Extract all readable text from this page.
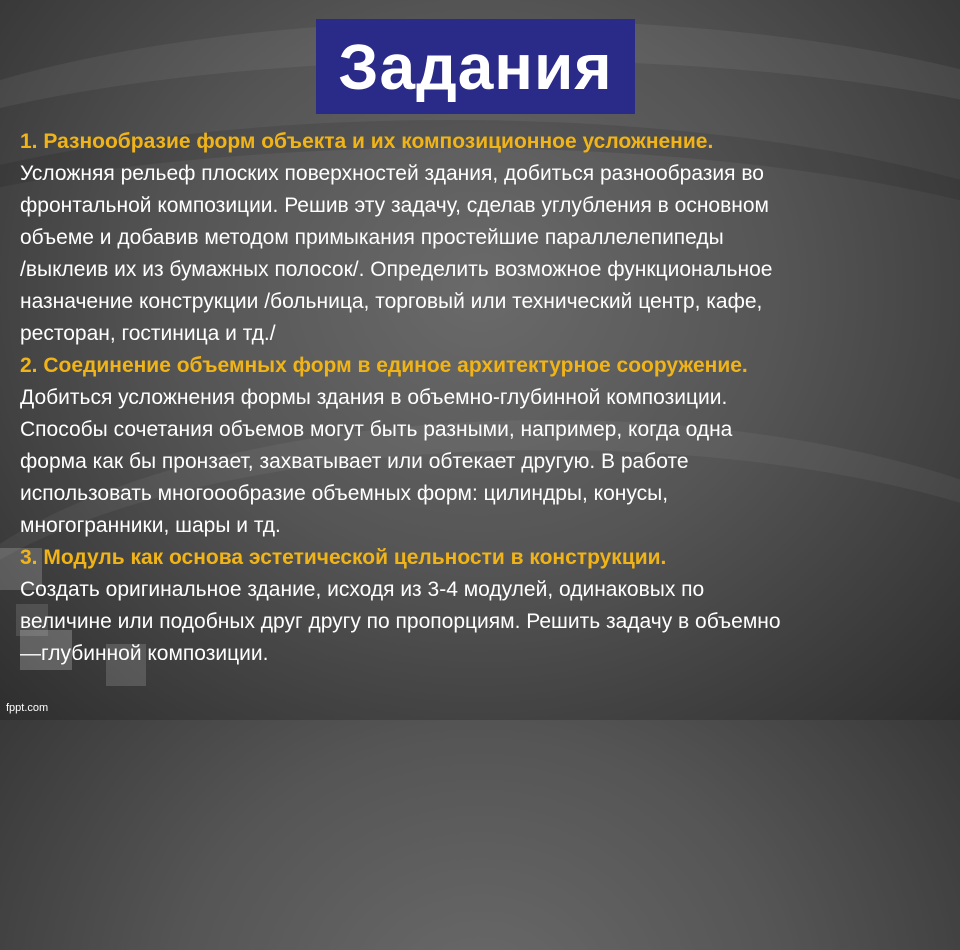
Задания

1. Разнообразие форм объекта и их композиционное усложнение.

Усложняя рельеф плоских поверхностей здания, добиться разнообразия во

фронтальной композиции. Решив эту задачу, сделав углубления в основном

объеме и добавив методом примыкания простейшие параллелепипеды

/выклеив их из бумажных полосок/. Определить возможное функциональное

назначение конструкции /больница, торговый или технический центр, кафе,

ресторан, гостиница и тд./

2. Соединение объемных форм в единое архитектурное сооружение.

Добиться усложнения формы здания в объемно-глубинной композиции.

Способы сочетания объемов могут быть разными, например, когда одна

форма как бы пронзает, захватывает или обтекает другую. В работе

использовать многоообразие объемных форм: цилиндры, конусы,

многогранники, шары и тд.

3. Модуль как основа эстетической цельности в конструкции.

Создать оригинальное здание, исходя из 3-4 модулей, одинаковых по

величине или подобных друг другу по пропорциям. Решить задачу в объемно

—глубинной композиции.

fppt.com
